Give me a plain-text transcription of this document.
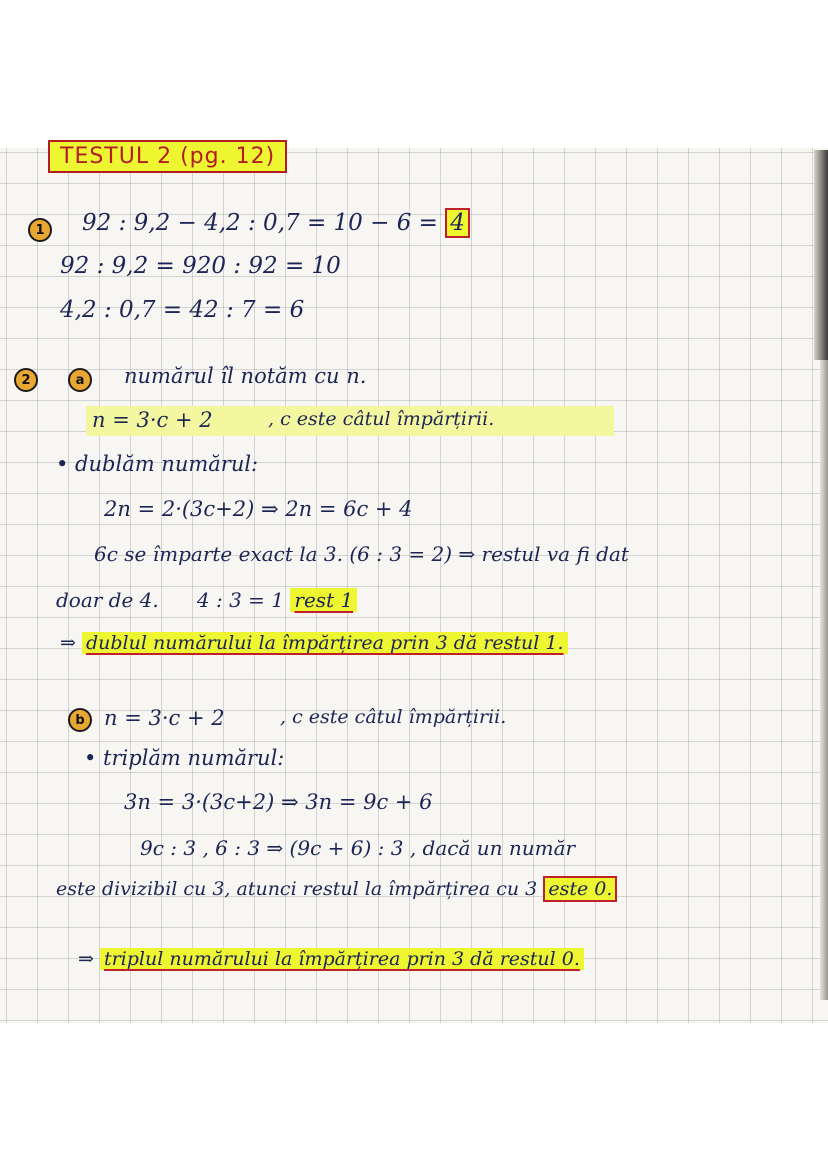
TESTUL 2 (pg. 12)
1	92 : 9,2 − 4,2 : 0,7 = 10 − 6 = 4
92 : 9,2 = 920 : 92 = 10
4,2 : 0,7 = 42 : 7 = 6
2	a	numărul îl notăm cu n.
n = 3·c + 2	, c este câtul împărțirii.
• dublăm numărul:
2n = 2·(3c+2) ⇒ 2n = 6c + 4
6c se împarte exact la 3. (6 : 3 = 2) ⇒ restul va fi dat
doar de 4. 4 : 3 = 1 rest 1
⇒ dublul numărului la împărțirea prin 3 dă restul 1.
b n = 3·c + 2	, c este câtul împărțirii.
• triplăm numărul:
3n = 3·(3c+2) ⇒ 3n = 9c + 6
9c : 3 , 6 : 3 ⇒ (9c + 6) : 3 , dacă un număr
este divizibil cu 3, atunci restul la împărțirea cu 3 este 0.
⇒ triplul numărului la împărțirea prin 3 dă restul 0.
